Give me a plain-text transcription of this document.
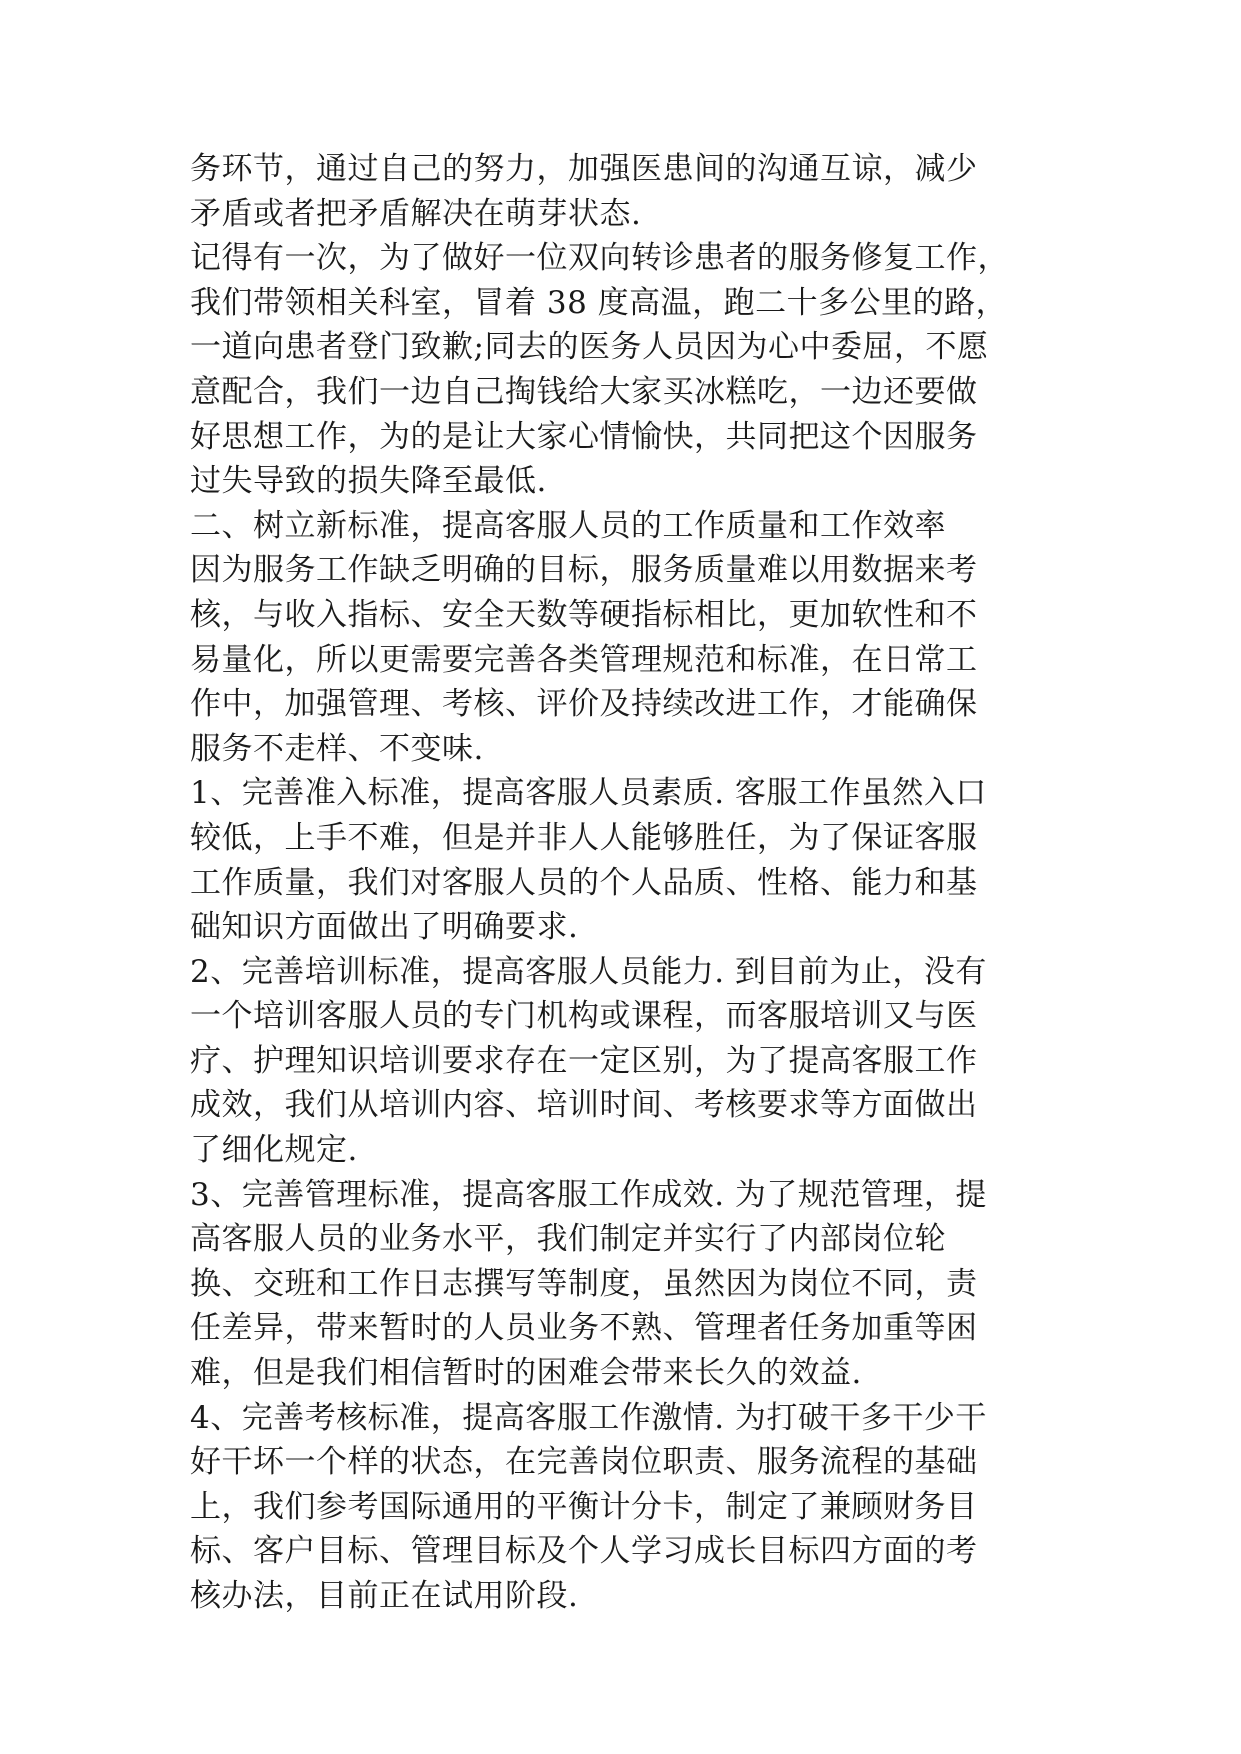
务环节，通过自己的努力，加强医患间的沟通互谅，减少
矛盾或者把矛盾解决在萌芽状态.
记得有一次，为了做好一位双向转诊患者的服务修复工作，
我们带领相关科室，冒着 38 度高温，跑二十多公里的路，
一道向患者登门致歉;同去的医务人员因为心中委屈，不愿
意配合，我们一边自己掏钱给大家买冰糕吃，一边还要做
好思想工作，为的是让大家心情愉快，共同把这个因服务
过失导致的损失降至最低.
二、树立新标准，提高客服人员的工作质量和工作效率
因为服务工作缺乏明确的目标，服务质量难以用数据来考
核，与收入指标、安全天数等硬指标相比，更加软性和不
易量化，所以更需要完善各类管理规范和标准，在日常工
作中，加强管理、考核、评价及持续改进工作，才能确保
服务不走样、不变味.
1、完善准入标准，提高客服人员素质. 客服工作虽然入口
较低，上手不难，但是并非人人能够胜任，为了保证客服
工作质量，我们对客服人员的个人品质、性格、能力和基
础知识方面做出了明确要求.
2、完善培训标准，提高客服人员能力. 到目前为止，没有
一个培训客服人员的专门机构或课程，而客服培训又与医
疗、护理知识培训要求存在一定区别，为了提高客服工作
成效，我们从培训内容、培训时间、考核要求等方面做出
了细化规定.
3、完善管理标准，提高客服工作成效. 为了规范管理，提
高客服人员的业务水平，我们制定并实行了内部岗位轮
换、交班和工作日志撰写等制度，虽然因为岗位不同，责
任差异，带来暂时的人员业务不熟、管理者任务加重等困
难，但是我们相信暂时的困难会带来长久的效益.
4、完善考核标准，提高客服工作激情. 为打破干多干少干
好干坏一个样的状态，在完善岗位职责、服务流程的基础
上，我们参考国际通用的平衡计分卡，制定了兼顾财务目
标、客户目标、管理目标及个人学习成长目标四方面的考
核办法，目前正在试用阶段.
